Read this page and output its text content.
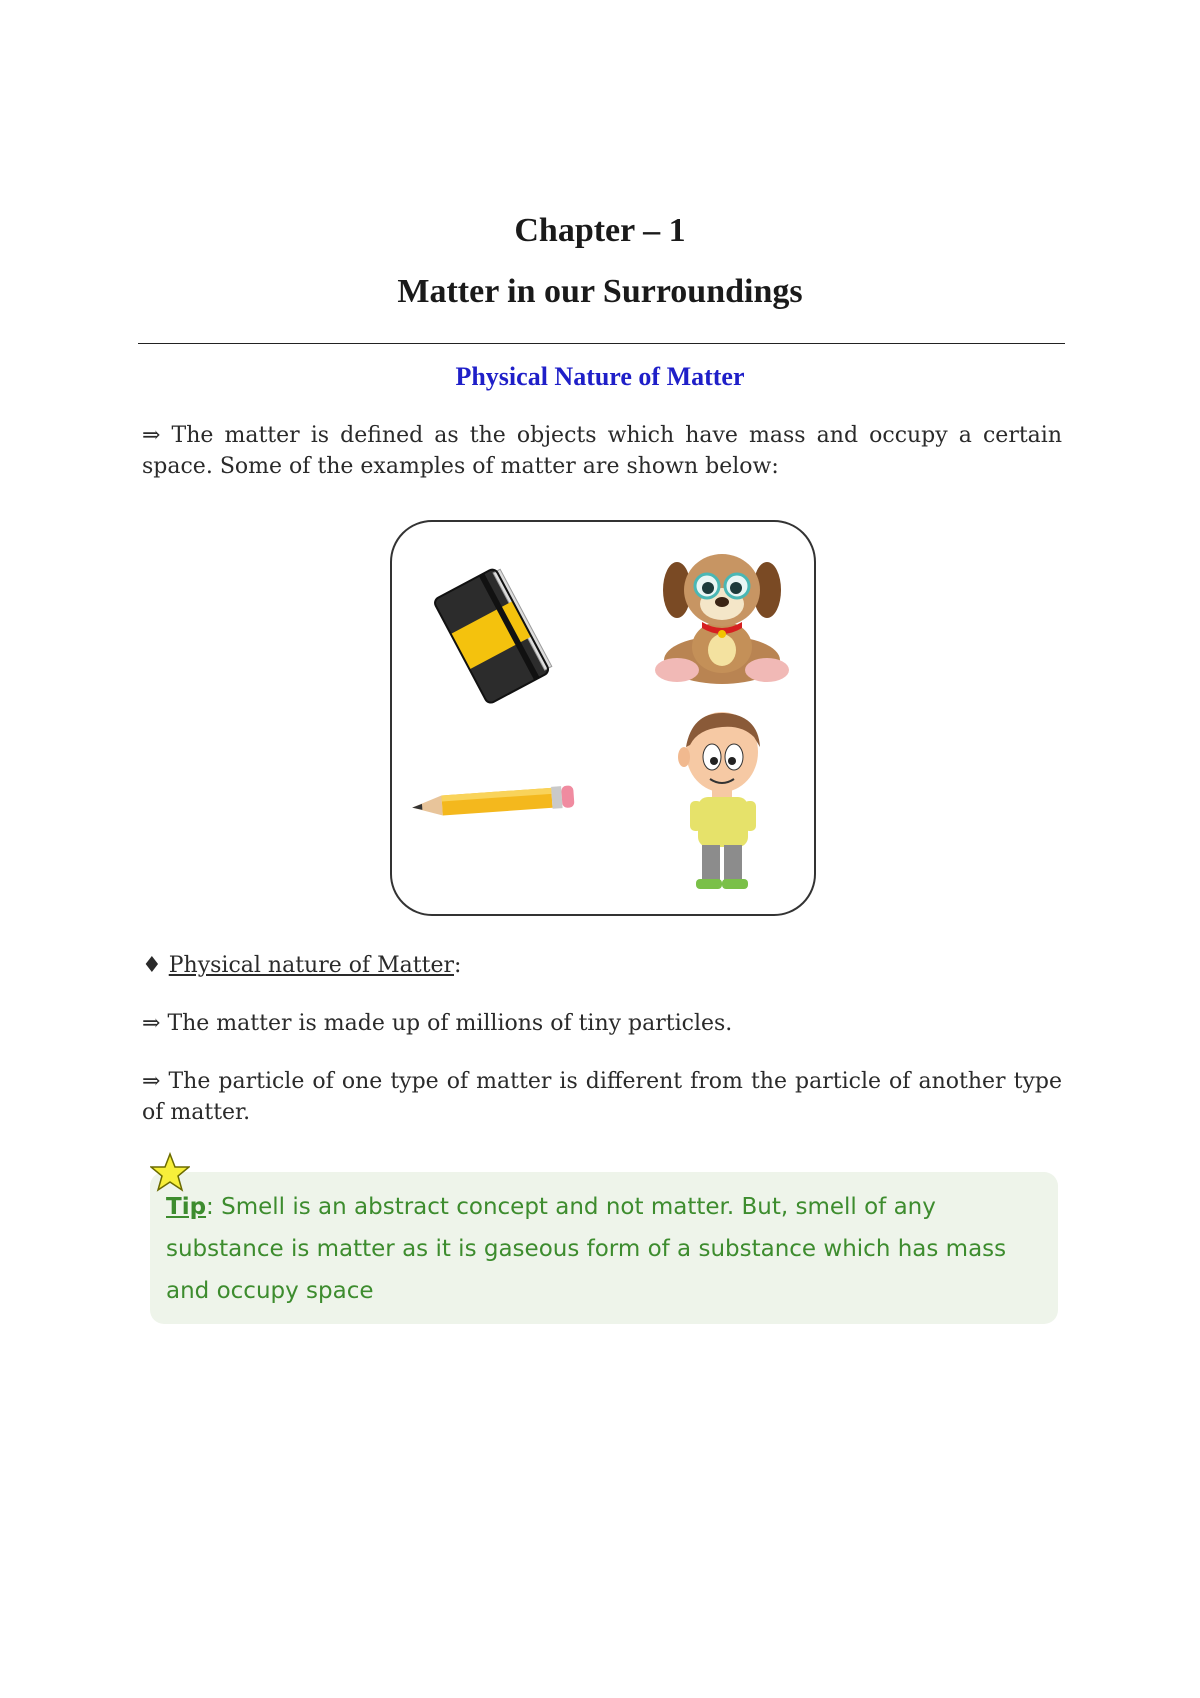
Chapter – 1
Matter in our Surroundings
Physical Nature of Matter
⇒ The matter is defined as the objects which have mass and occupy a certain space. Some of the examples of matter are shown below:
♦ Physical nature of Matter:
⇒ The matter is made up of millions of tiny particles.
⇒ The particle of one type of matter is different from the particle of another type of matter.
Tip: Smell is an abstract concept and not matter. But, smell of any substance is matter as it is gaseous form of a substance which has mass and occupy space
